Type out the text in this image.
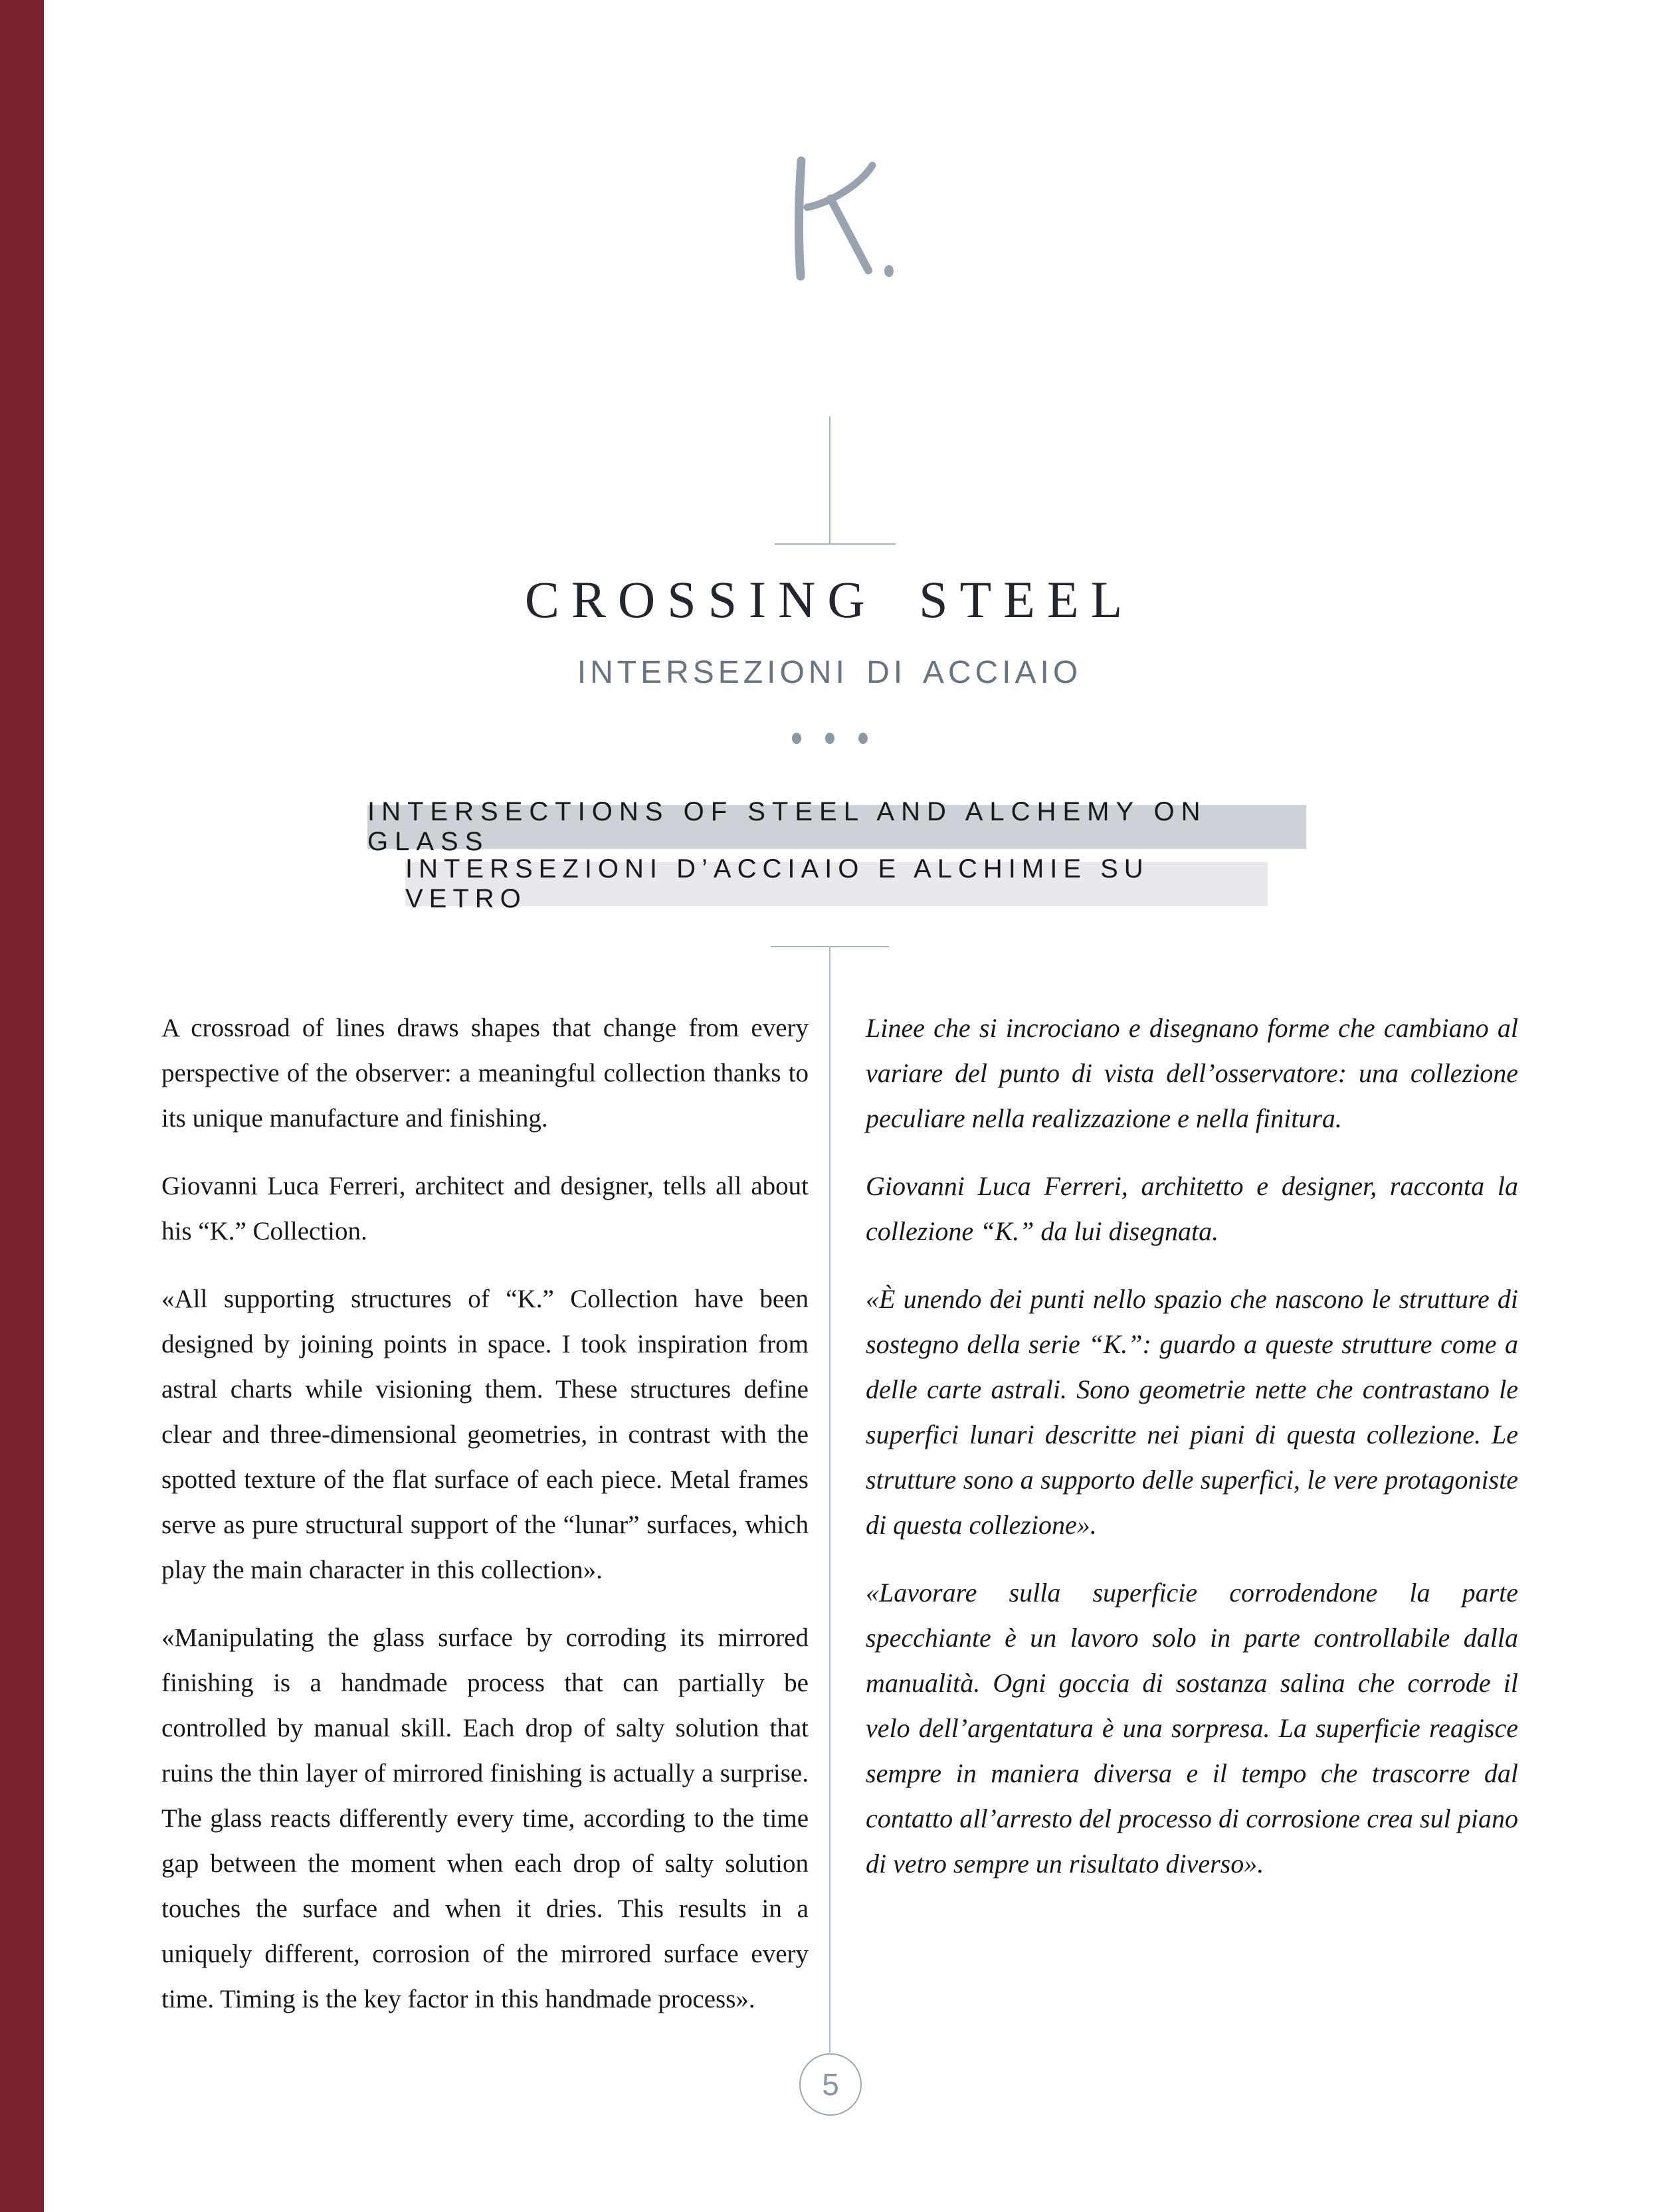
CROSSING STEEL
INTERSEZIONI DI ACCIAIO
INTERSECTIONS OF STEEL AND ALCHEMY ON GLASS
INTERSEZIONI D’ACCIAIO E ALCHIMIE SU VETRO

A crossroad of lines draws shapes that change from every perspective of the observer: a meaningful collection thanks to its unique manufacture and finishing.

Giovanni Luca Ferreri, architect and designer, tells all about his “K.” Collection.

«All supporting structures of “K.” Collection have been designed by joining points in space. I took inspiration from astral charts while visioning them. These structures define clear and three-dimensional geometries, in contrast with the spotted texture of the flat surface of each piece. Metal frames serve as pure structural support of the “lunar” surfaces, which play the main character in this collection».

«Manipulating the glass surface by corroding its mirrored finishing is a handmade process that can partially be controlled by manual skill. Each drop of salty solution that ruins the thin layer of mirrored finishing is actually a surprise. The glass reacts differently every time, according to the time gap between the moment when each drop of salty solution touches the surface and when it dries. This results in a uniquely different, corrosion of the mirrored surface every time. Timing is the key factor in this handmade process».

Linee che si incrociano e disegnano forme che cambiano al variare del punto di vista dell’osservatore: una collezione peculiare nella realizzazione e nella finitura.

Giovanni Luca Ferreri, architetto e designer, racconta la collezione “K.” da lui disegnata.

«È unendo dei punti nello spazio che nascono le strutture di sostegno della serie “K.”: guardo a queste strutture come a delle carte astrali. Sono geometrie nette che contrastano le superfici lunari descritte nei piani di questa collezione. Le strutture sono a supporto delle superfici, le vere protagoniste di questa collezione».

«Lavorare sulla superficie corrodendone la parte specchiante è un lavoro solo in parte controllabile dalla manualità. Ogni goccia di sostanza salina che corrode il velo dell’argentatura è una sorpresa. La superficie reagisce sempre in maniera diversa e il tempo che trascorre dal contatto all’arresto del processo di corrosione crea sul piano di vetro sempre un risultato diverso».

5
